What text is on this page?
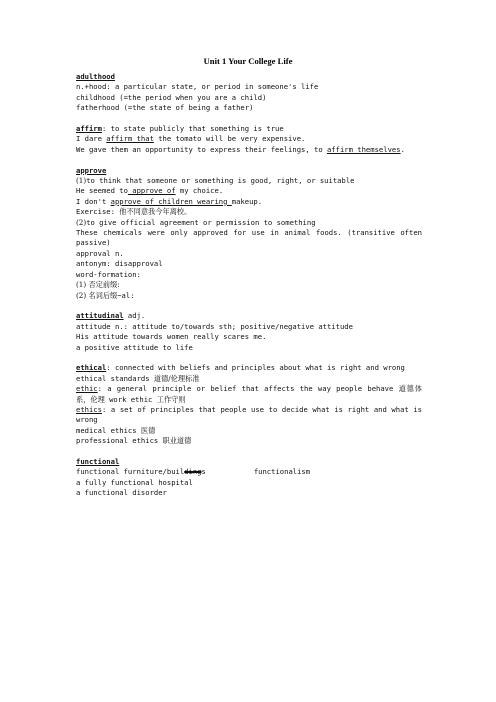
Unit 1 Your College Life
adulthood
n.+hood: a particular state, or period in someone's life
childhood (=the period when you are a child)
fatherhood (=the state of being a father)
affirm: to state publicly that something is true
I dare affirm that the tomato will be very expensive.
We gave them an opportunity to express their feelings, to affirm themselves.
approve
(1)to think that someone or something is good, right, or suitable
He seemed to approve of my choice.
I don't approve of children wearing makeup.
Exercise: 他不同意我今年离校。
(2)to give official agreement or permission to something
These chemicals were only approved for use in animal foods. (transitive often passive)
approval n.
antonym: disapproval
word-formation:
(1) 否定前缀:
(2) 名词后缀~al:
attitudinal adj.
attitude n.: attitude to/towards sth; positive/negative attitude
His attitude towards women really scares me.
a positive attitude to life
ethical: connected with beliefs and principles about what is right and wrong
ethical standards 道德/伦理标准
ethic: a general principle or belief that affects the way people behave 道德体系，伦理 work ethic 工作守则
ethics: a set of principles that people use to decide what is right and what is wrong
medical ethics 医德
professional ethics 职业道德
functional
functional furniture/buildings	functionalism
a fully functional hospital
a functional disorder
